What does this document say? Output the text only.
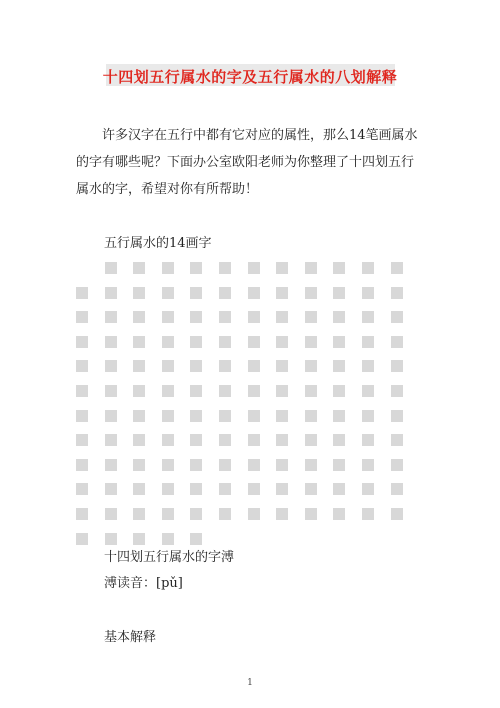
十四划五行属水的字及五行属水的八划解释
许多汉字在五行中都有它对应的属性，那么14笔画属水的字有哪些呢？下面办公室欧阳老师为你整理了十四划五行属水的字，希望对你有所帮助！
五行属水的14画字
十四划五行属水的字溥
溥读音：[pǔ]
基本解释
1
